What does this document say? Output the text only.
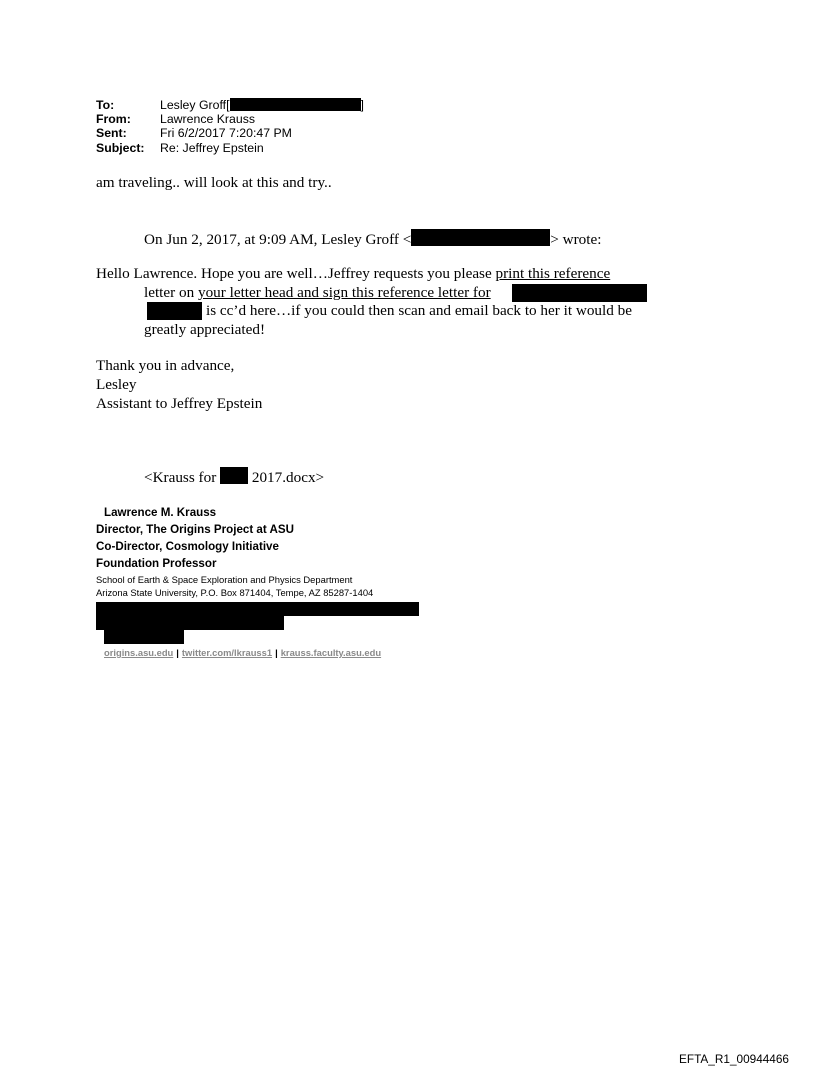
To:	Lesley Groff[	]
From:	Lawrence Krauss
Sent:	Fri 6/2/2017 7:20:47 PM
Subject:	Re: Jeffrey Epstein
am traveling.. will look at this and try..
On Jun 2, 2017, at 9:09 AM, Lesley Groff <	> wrote:
Hello Lawrence. Hope you are well…Jeffrey requests you please print this reference
letter on your letter head and sign this reference letter for
is cc’d here…if you could then scan and email back to her it would be
greatly appreciated!
Thank you in advance,
Lesley
Assistant to Jeffrey Epstein
<Krauss for  2017.docx>
Lawrence M. Krauss
Director, The Origins Project at ASU
Co-Director, Cosmology Initiative
Foundation Professor
School of Earth & Space Exploration and Physics Department
Arizona State University, P.O. Box 871404, Tempe, AZ 85287-1404
origins.asu.edu | twitter.com/lkrauss1 | krauss.faculty.asu.edu
EFTA_R1_00944466
